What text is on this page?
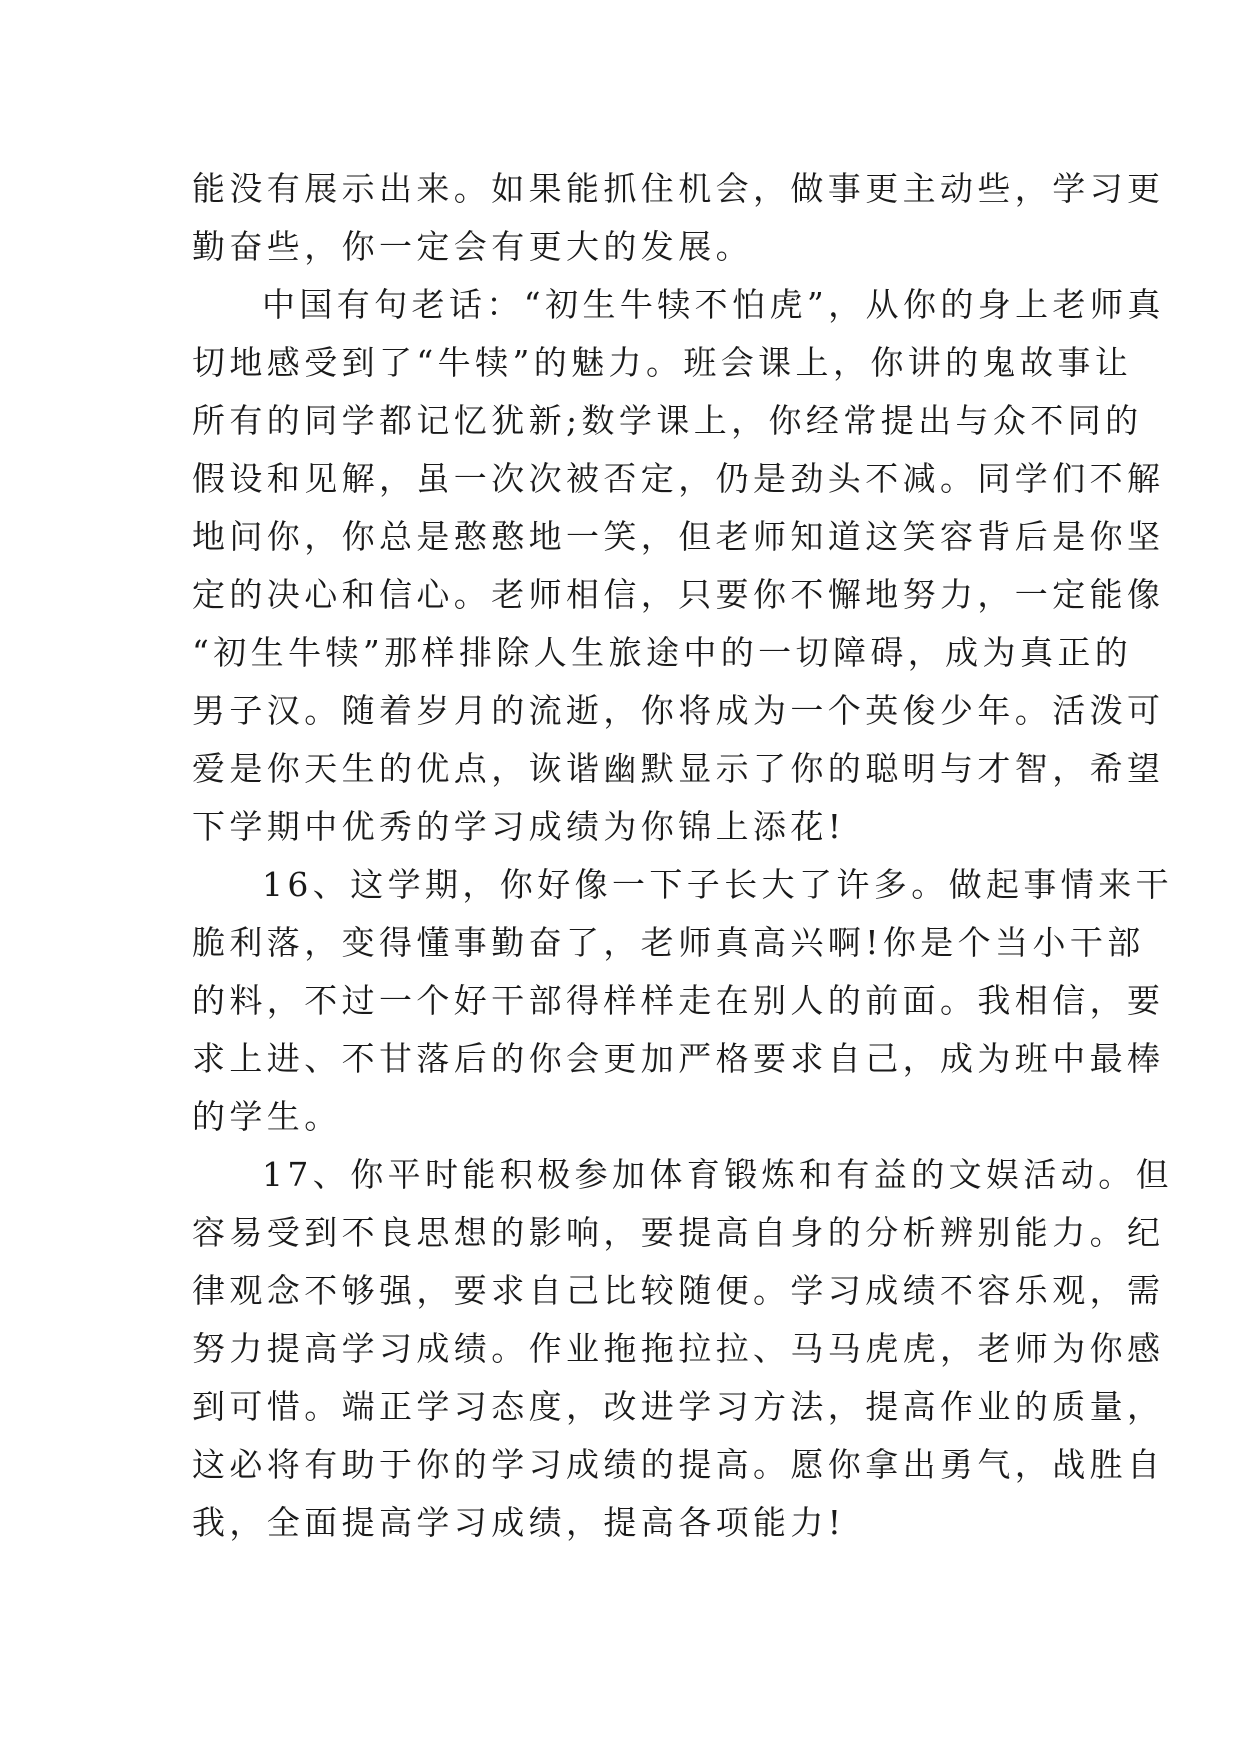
能没有展示出来。如果能抓住机会，做事更主动些，学习更
勤奋些，你一定会有更大的发展。
中国有句老话：“初生牛犊不怕虎”，从你的身上老师真
切地感受到了“牛犊”的魅力。班会课上，你讲的鬼故事让
所有的同学都记忆犹新;数学课上，你经常提出与众不同的
假设和见解，虽一次次被否定，仍是劲头不减。同学们不解
地问你，你总是憨憨地一笑，但老师知道这笑容背后是你坚
定的决心和信心。老师相信，只要你不懈地努力，一定能像
“初生牛犊”那样排除人生旅途中的一切障碍，成为真正的
男子汉。随着岁月的流逝，你将成为一个英俊少年。活泼可
爱是你天生的优点，诙谐幽默显示了你的聪明与才智，希望
下学期中优秀的学习成绩为你锦上添花!
16、这学期，你好像一下子长大了许多。做起事情来干
脆利落，变得懂事勤奋了，老师真高兴啊!你是个当小干部
的料，不过一个好干部得样样走在别人的前面。我相信，要
求上进、不甘落后的你会更加严格要求自己，成为班中最棒
的学生。
17、你平时能积极参加体育锻炼和有益的文娱活动。但
容易受到不良思想的影响，要提高自身的分析辨别能力。纪
律观念不够强，要求自己比较随便。学习成绩不容乐观，需
努力提高学习成绩。作业拖拖拉拉、马马虎虎，老师为你感
到可惜。端正学习态度，改进学习方法，提高作业的质量，
这必将有助于你的学习成绩的提高。愿你拿出勇气，战胜自
我，全面提高学习成绩，提高各项能力!
